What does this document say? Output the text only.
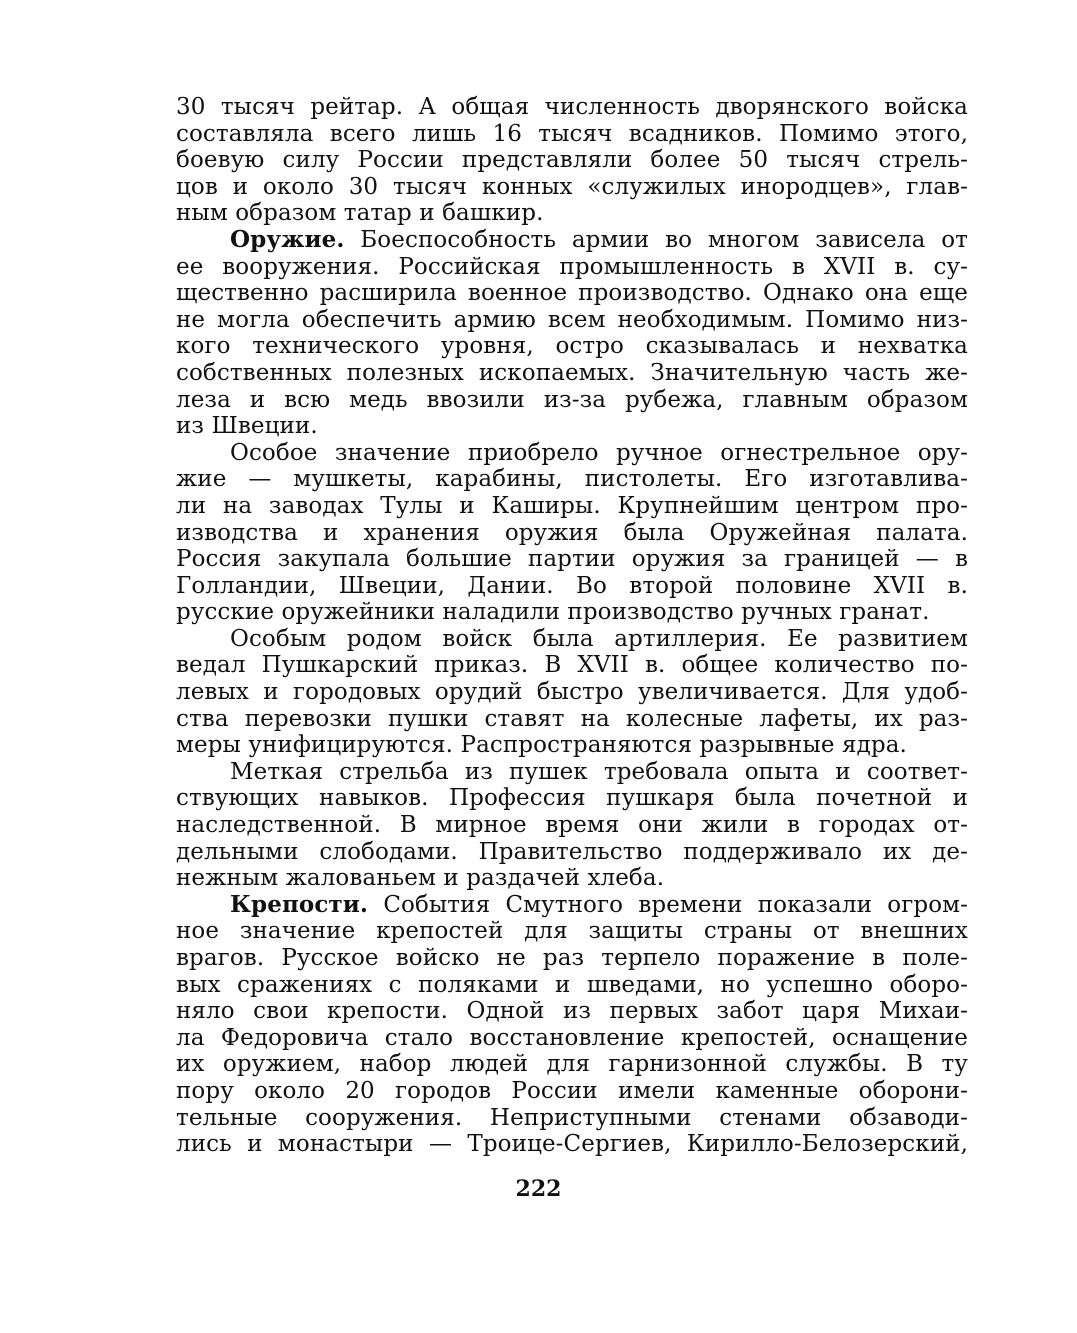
30 тысяч рейтар. А общая численность дворянского войска
составляла всего лишь 16 тысяч всадников. Помимо этого,
боевую силу России представляли более 50 тысяч стрель-
цов и около 30 тысяч конных «служилых инородцев», глав-
ным образом татар и башкир.
Оружие. Боеспособность армии во многом зависела от
ее вооружения. Российская промышленность в XVII в. су-
щественно расширила военное производство. Однако она еще
не могла обеспечить армию всем необходимым. Помимо низ-
кого технического уровня, остро сказывалась и нехватка
собственных полезных ископаемых. Значительную часть же-
леза и всю медь ввозили из-за рубежа, главным образом
из Швеции.
Особое значение приобрело ручное огнестрельное ору-
жие — мушкеты, карабины, пистолеты. Его изготавлива-
ли на заводах Тулы и Каширы. Крупнейшим центром про-
изводства и хранения оружия была Оружейная палата.
Россия закупала большие партии оружия за границей — в
Голландии, Швеции, Дании. Во второй половине XVII в.
русские оружейники наладили производство ручных гранат.
Особым родом войск была артиллерия. Ее развитием
ведал Пушкарский приказ. В XVII в. общее количество по-
левых и городовых орудий быстро увеличивается. Для удоб-
ства перевозки пушки ставят на колесные лафеты, их раз-
меры унифицируются. Распространяются разрывные ядра.
Меткая стрельба из пушек требовала опыта и соответ-
ствующих навыков. Профессия пушкаря была почетной и
наследственной. В мирное время они жили в городах от-
дельными слободами. Правительство поддерживало их де-
нежным жалованьем и раздачей хлеба.
Крепости. События Смутного времени показали огром-
ное значение крепостей для защиты страны от внешних
врагов. Русское войско не раз терпело поражение в поле-
вых сражениях с поляками и шведами, но успешно оборо-
няло свои крепости. Одной из первых забот царя Михаи-
ла Федоровича стало восстановление крепостей, оснащение
их оружием, набор людей для гарнизонной службы. В ту
пору около 20 городов России имели каменные оборони-
тельные сооружения. Неприступными стенами обзаводи-
лись и монастыри — Троице-Сергиев, Кирилло-Белозерский,
222
